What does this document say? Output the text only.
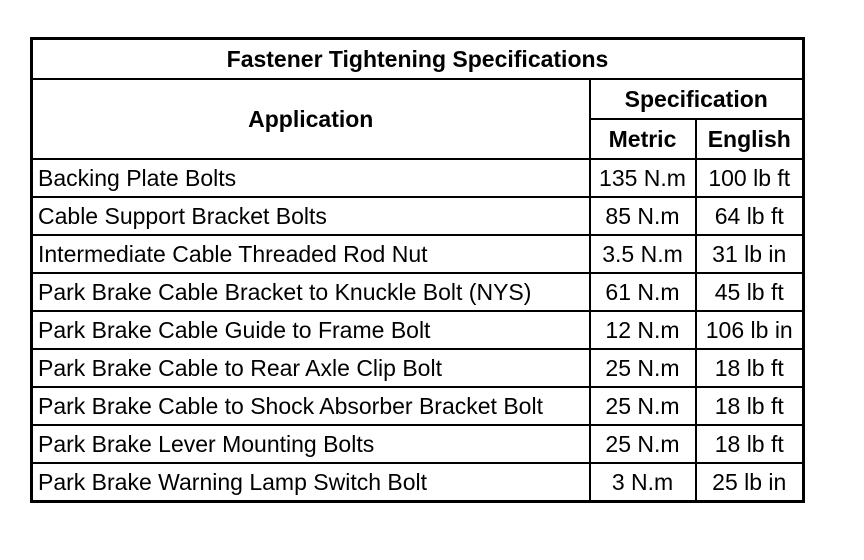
Fastener Tightening Specifications		
Application	Specification	
	Metric	English
Backing Plate Bolts	135 N.m	100 lb ft
Cable Support Bracket Bolts	85 N.m	64 lb ft
Intermediate Cable Threaded Rod Nut	3.5 N.m	31 lb in
Park Brake Cable Bracket to Knuckle Bolt (NYS)	61 N.m	45 lb ft
Park Brake Cable Guide to Frame Bolt	12 N.m	106 lb in
Park Brake Cable to Rear Axle Clip Bolt	25 N.m	18 lb ft
Park Brake Cable to Shock Absorber Bracket Bolt	25 N.m	18 lb ft
Park Brake Lever Mounting Bolts	25 N.m	18 lb ft
Park Brake Warning Lamp Switch Bolt	3 N.m	25 lb in
